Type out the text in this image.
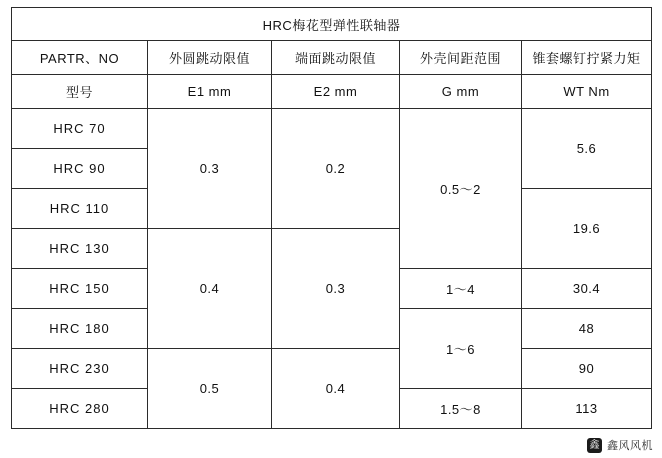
HRC梅花型弹性联轴器				
PARTR、NO	外圆跳动限值	端面跳动限值	外壳间距范围	锥套螺钉拧紧力矩
型号	E1 mm	E2 mm	G mm	WT Nm
HRC 70	0.3	0.2	0.5～2	5.6
HRC 90				
HRC 110				19.6
HRC 130	0.4	0.3		
HRC 150			1～4	30.4
HRC 180			1～6	48
HRC 230	0.5	0.4		90
HRC 280			1.5～8	113
鑫 鑫风风机
